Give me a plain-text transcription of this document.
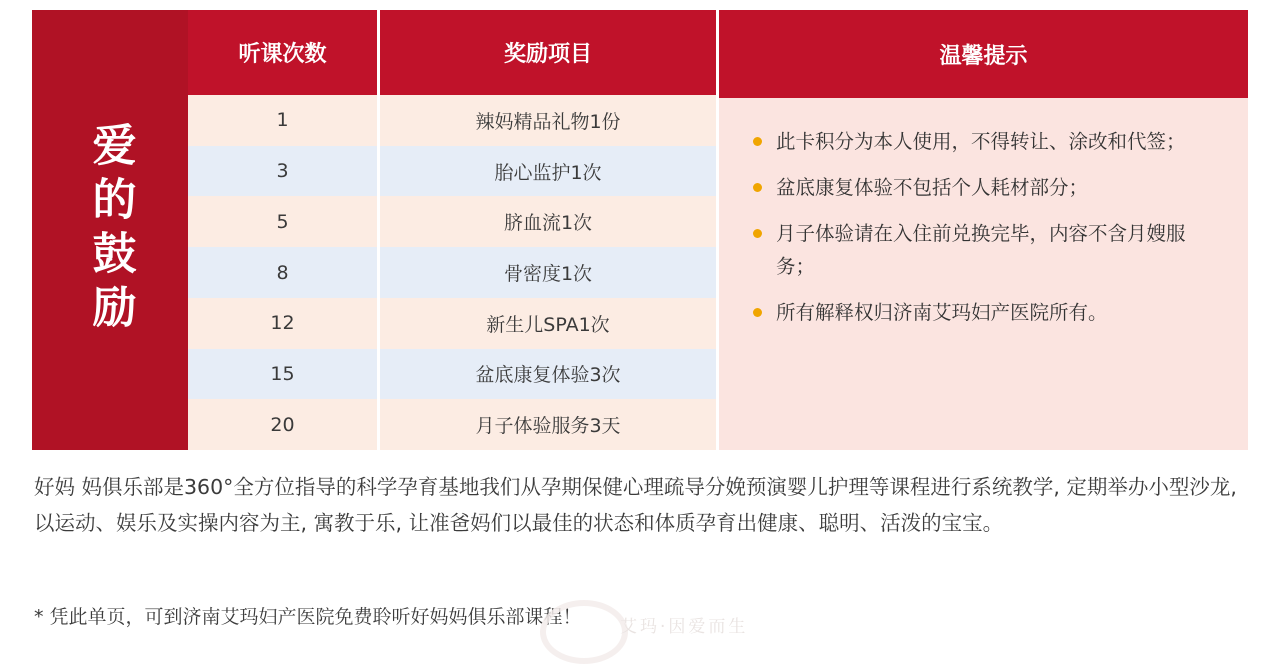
爱的鼓励
听课次数	奖励项目
1	辣妈精品礼物1份
3	胎心监护1次
5	脐血流1次
8	骨密度1次
12	新生儿SPA1次
15	盆底康复体验3次
20	月子体验服务3天
温馨提示
此卡积分为本人使用，不得转让、涂改和代签；
盆底康复体验不包括个人耗材部分；
月子体验请在入住前兑换完毕，内容不含月嫂服务；
所有解释权归济南艾玛妇产医院所有。
好妈 妈俱乐部是360°全方位指导的科学孕育基地我们从孕期保健心理疏导分娩预演婴儿护理等课程进行系统教学, 定期举办小型沙龙, 以运动、娱乐及实操内容为主, 寓教于乐, 让准爸妈们以最佳的状态和体质孕育出健康、聪明、活泼的宝宝。
* 凭此单页，可到济南艾玛妇产医院免费聆听好妈妈俱乐部课程！	艾玛·因爱而生
